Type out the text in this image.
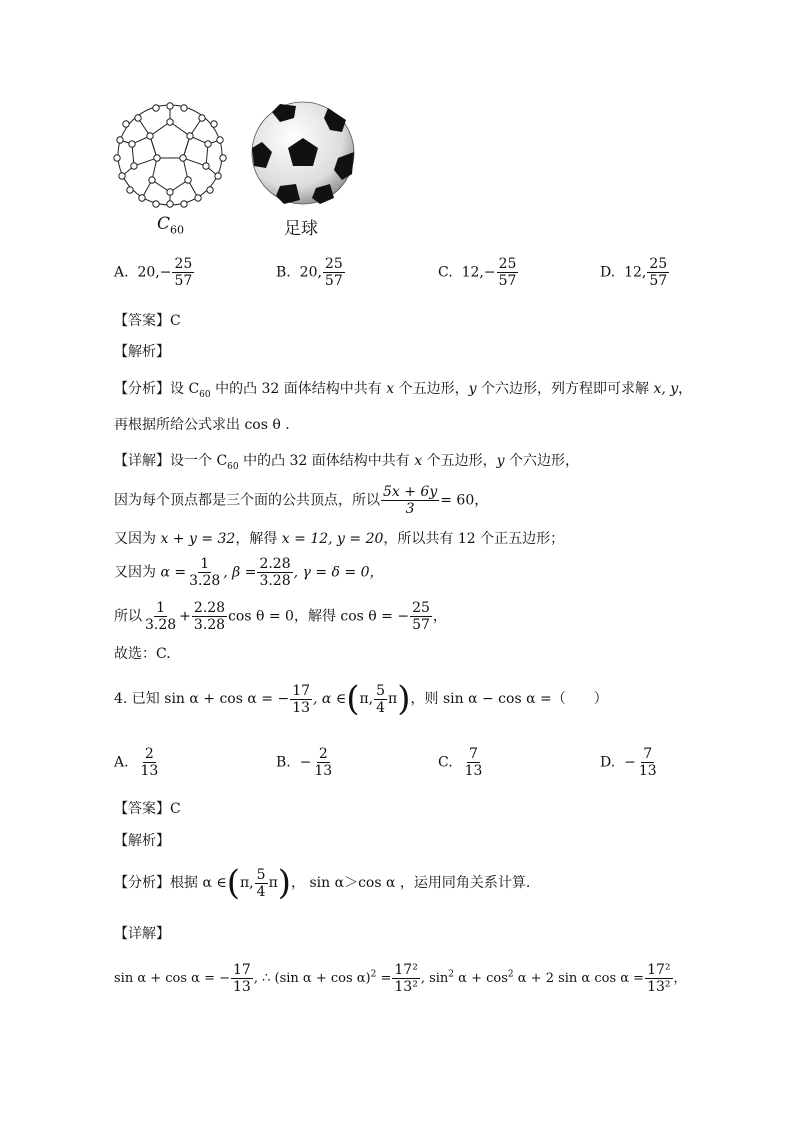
$C_{60}$	足球
A. $20,- \frac{25}{57}$	B. 20, $\frac{25}{57}$	C. $12,- \frac{25}{57}$	D. 12, $\frac{25}{57}$
【答案】C
【解析】
【分析】设 $C_{60}$ 中的凸 32 面体结构中共有 x 个五边形，y 个六边形，列方程即可求解 x, y，
再根据所给公式求出 cos θ .
【详解】设一个 $C_{60}$ 中的凸 32 面体结构中共有 x 个五边形，y 个六边形，
因为每个顶点都是三个面的公共顶点，所以 $\frac{5x + 6y}{3} = 60$，
又因为 x + y = 32，解得 x = 12, y = 20，所以共有 12 个正五边形；
又因为 $\alpha = \frac{1}{3.28}$ , $\beta = \frac{2.28}{3.28}$ , γ = δ = 0，
所以 $\frac{1}{3.28} + \frac{2.28}{3.28}$ cos θ = 0，解得 cos θ = − $\frac{25}{57}$ ，
故选：C.
4. 已知 sin α + cos α = − $\frac{17}{13}$ , α ∈(π, $\frac{5}{4} \pi$)，则 sin α − cos α =（　　）
A. $\frac{2}{13}$	B. − $\frac{2}{13}$	C. $\frac{7}{13}$	D. − $\frac{7}{13}$
【答案】C
【解析】
【分析】根据 α ∈(π, $\frac{5}{4} \pi$)， sin α＞cos α ，运用同角关系计算.
【详解】
sin α + cos α = − $\frac{17}{13}$ , ∴ (sin $\alpha + \cos \alpha)^2 = \frac{\text{17²}}{\text{13²}}$ , $\sin^2 \alpha + \cos^2 \alpha + 2$ sin α $\cos \alpha = \frac{\text{17²}}{\text{13²}}$ ，
